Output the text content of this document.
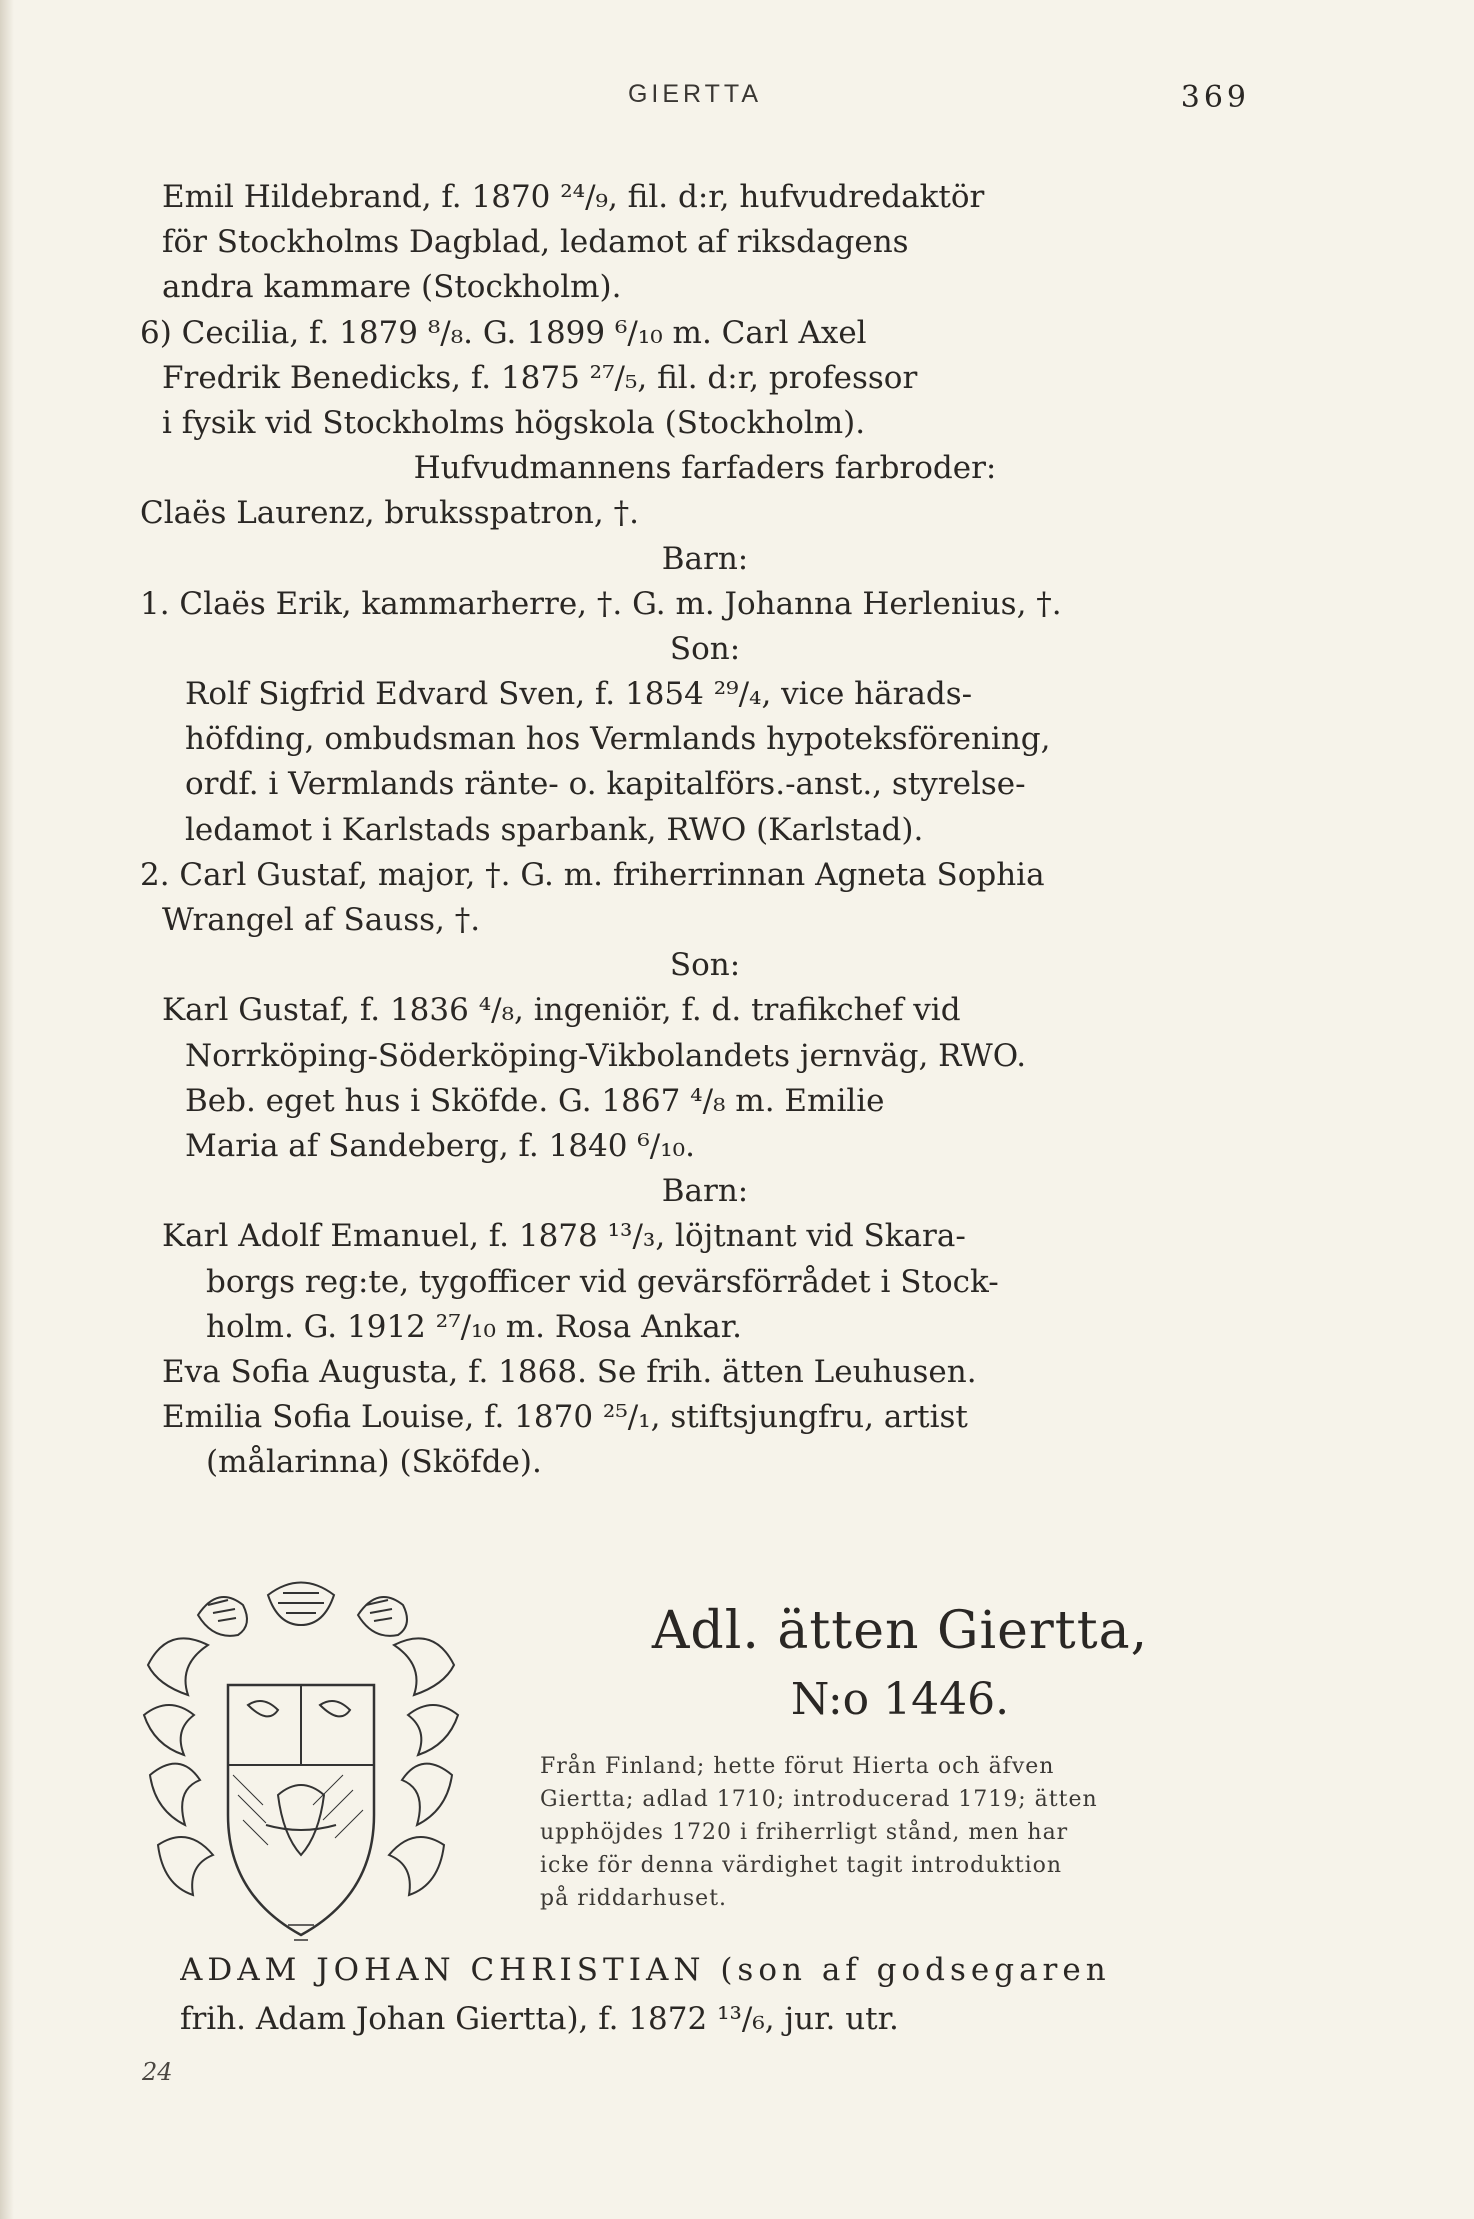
GIERTTA	369
Emil Hildebrand, f. 1870 ²⁴/₉, fil. d:r, hufvudredaktör
för Stockholms Dagblad, ledamot af riksdagens
andra kammare (Stockholm).
6) Cecilia, f. 1879 ⁸/₈. G. 1899 ⁶/₁₀ m. Carl Axel
Fredrik Benedicks, f. 1875 ²⁷/₅, fil. d:r, professor
i fysik vid Stockholms högskola (Stockholm).
Hufvudmannens farfaders farbroder:
Claës Laurenz, bruksspatron, †.
Barn:
1. Claës Erik, kammarherre, †. G. m. Johanna Herlenius, †.
Son:
Rolf Sigfrid Edvard Sven, f. 1854 ²⁹/₄, vice härads-
höfding, ombudsman hos Vermlands hypoteksförening,
ordf. i Vermlands ränte- o. kapitalförs.-anst., styrelse-
ledamot i Karlstads sparbank, RWO (Karlstad).
2. Carl Gustaf, major, †. G. m. friherrinnan Agneta Sophia
Wrangel af Sauss, †.
Son:
Karl Gustaf, f. 1836 ⁴/₈, ingeniör, f. d. trafikchef vid
Norrköping-Söderköping-Vikbolandets jernväg, RWO.
Beb. eget hus i Sköfde. G. 1867 ⁴/₈ m. Emilie
Maria af Sandeberg, f. 1840 ⁶/₁₀.
Barn:
Karl Adolf Emanuel, f. 1878 ¹³/₃, löjtnant vid Skara-
borgs reg:te, tygofficer vid gevärsförrådet i Stock-
holm. G. 1912 ²⁷/₁₀ m. Rosa Ankar.
Eva Sofia Augusta, f. 1868. Se frih. ätten Leuhusen.
Emilia Sofia Louise, f. 1870 ²⁵/₁, stiftsjungfru, artist
(målarinna) (Sköfde).
Adl. ätten Giertta,
N:o 1446.
Från Finland; hette förut Hierta och äfven
Giertta; adlad 1710; introducerad 1719; ätten
upphöjdes 1720 i friherrligt stånd, men har
icke för denna värdighet tagit introduktion
på riddarhuset.
ADAM JOHAN CHRISTIAN (son af godsegaren
frih. Adam Johan Giertta), f. 1872 ¹³/₆, jur. utr.
24
